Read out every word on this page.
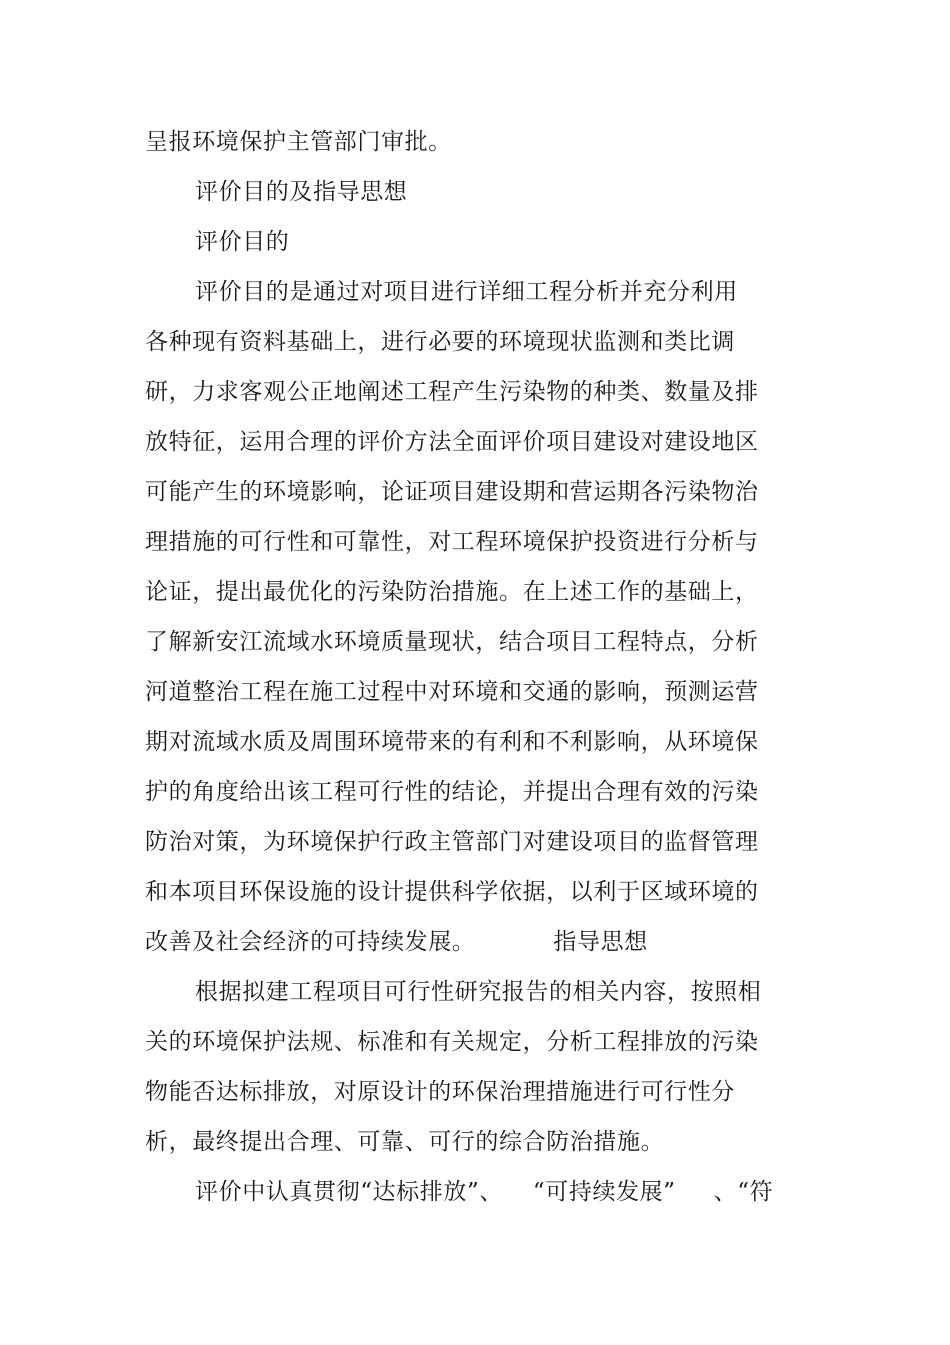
呈报环境保护主管部门审批。
评价目的及指导思想
评价目的
评价目的是通过对项目进行详细工程分析并充分利用
各种现有资料基础上，进行必要的环境现状监测和类比调
研，力求客观公正地阐述工程产生污染物的种类、数量及排
放特征，运用合理的评价方法全面评价项目建设对建设地区
可能产生的环境影响，论证项目建设期和营运期各污染物治
理措施的可行性和可靠性，对工程环境保护投资进行分析与
论证，提出最优化的污染防治措施。在上述工作的基础上，
了解新安江流域水环境质量现状，结合项目工程特点，分析
河道整治工程在施工过程中对环境和交通的影响，预测运营
期对流域水质及周围环境带来的有利和不利影响，从环境保
护的角度给出该工程可行性的结论，并提出合理有效的污染
防治对策，为环境保护行政主管部门对建设项目的监督管理
和本项目环保设施的设计提供科学依据，以利于区域环境的
改善及社会经济的可持续发展。	指导思想
根据拟建工程项目可行性研究报告的相关内容，按照相
关的环境保护法规、标准和有关规定，分析工程排放的污染
物能否达标排放，对原设计的环保治理措施进行可行性分
析，最终提出合理、可靠、可行的综合防治措施。
评价中认真贯彻“达标排放”、 “可持续发展” 、“符
